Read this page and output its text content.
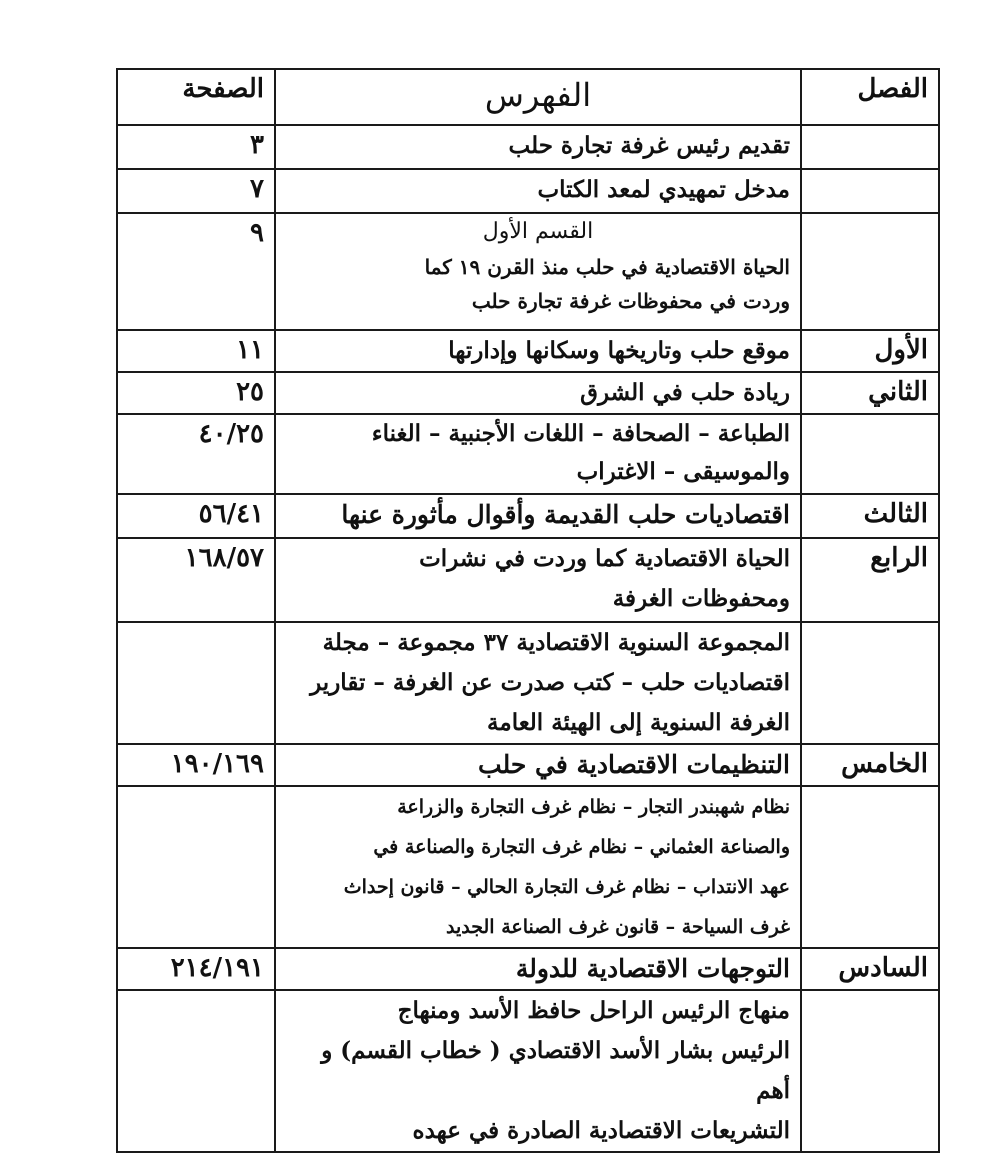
الصفحة	الفهرس	الفصل

٣	تقديم رئيس غرفة تجارة حلب	

٧	مدخل تمهيدي لمعد الكتاب	

٩	القسم الأول
الحياة الاقتصادية في حلب منذ القرن ١٩ كما
وردت في محفوظات غرفة تجارة حلب	

١١	موقع حلب وتاريخها وسكانها وإدارتها	الأول

٢٥	ريادة حلب في الشرق	الثاني

٤٠/٢٥	الطباعة – الصحافة – اللغات الأجنبية – الغناء
والموسيقى – الاغتراب	

٥٦/٤١	اقتصاديات حلب القديمة وأقوال مأثورة عنها	الثالث

١٦٨/٥٧	الحياة الاقتصادية كما وردت في نشرات
ومحفوظات الغرفة	الرابع

	المجموعة السنوية الاقتصادية ٣٧ مجموعة – مجلة
اقتصاديات حلب – كتب صدرت عن الغرفة – تقارير
الغرفة السنوية إلى الهيئة العامة	

١٩٠/١٦٩	التنظيمات الاقتصادية في حلب	الخامس

	نظام شهبندر التجار – نظام غرف التجارة والزراعة
والصناعة العثماني – نظام غرف التجارة والصناعة في
عهد الانتداب – نظام غرف التجارة الحالي – قانون إحداث
غرف السياحة – قانون غرف الصناعة الجديد	

٢١٤/١٩١	التوجهات الاقتصادية للدولة	السادس

	منهاج الرئيس الراحل حافظ الأسد ومنهاج
الرئيس بشار الأسد الاقتصادي ( خطاب القسم) و أهم
التشريعات الاقتصادية الصادرة في عهده	
